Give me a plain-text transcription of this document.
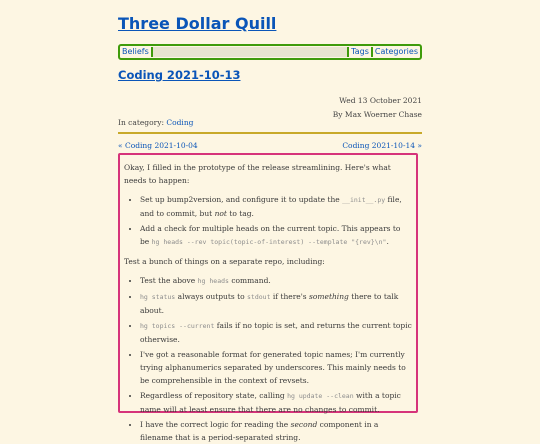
Three Dollar Quill
Beliefs	Tags Categories
Coding 2021-10-13
Wed 13 October 2021
By Max Woerner Chase
In category: Coding
« Coding 2021-10-04	Coding 2021-10-14 »

Okay, I filled in the prototype of the release streamlining. Here's what needs to happen:

• Set up bump2version, and configure it to update the __init__.py file, and to commit, but not to tag.
• Add a check for multiple heads on the current topic. This appears to be hg heads --rev topic(topic-of-interest) --template "{rev}\n".

Test a bunch of things on a separate repo, including:

• Test the above hg heads command.
• hg status always outputs to stdout if there's something there to talk about.
• hg topics --current fails if no topic is set, and returns the current topic otherwise.
• I've got a reasonable format for generated topic names; I'm currently trying alphanumerics separated by underscores. This mainly needs to be comprehensible in the context of revsets.
• Regardless of repository state, calling hg update --clean with a topic name will at least ensure that there are no changes to commit.
• I have the correct logic for reading the second component in a filename that is a period-separated string.
